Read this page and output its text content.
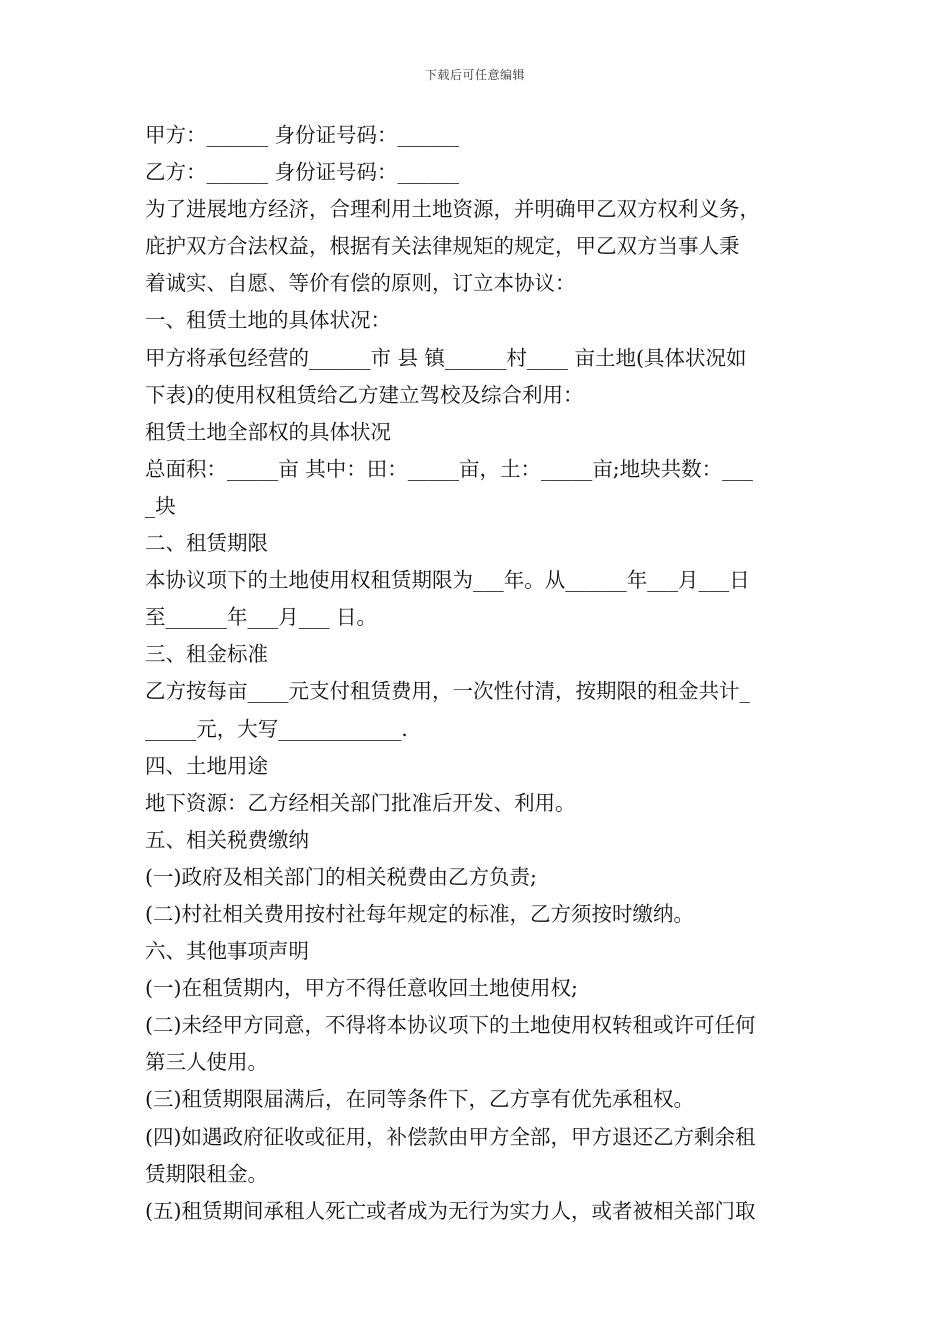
下载后可任意编辑
甲方：______ 身份证号码：______
乙方：______ 身份证号码：______
为了进展地方经济，合理利用土地资源，并明确甲乙双方权利义务，
庇护双方合法权益，根据有关法律规矩的规定，甲乙双方当事人秉
着诚实、自愿、等价有偿的原则，订立本协议：
一、租赁土地的具体状况：
甲方将承包经营的______市 县 镇______村____ 亩土地(具体状况如
下表)的使用权租赁给乙方建立驾校及综合利用：
租赁土地全部权的具体状况
总面积：_____亩 其中：田：_____亩，土：_____亩;地块共数：___
_块
二、租赁期限
本协议项下的土地使用权租赁期限为___年。从______年___月___日
至______年___月___ 日。
三、租金标准
乙方按每亩____元支付租赁费用，一次性付清，按期限的租金共计_
_____元，大写____________.
四、土地用途
地下资源：乙方经相关部门批准后开发、利用。
五、相关税费缴纳
(一)政府及相关部门的相关税费由乙方负责;
(二)村社相关费用按村社每年规定的标准，乙方须按时缴纳。
六、其他事项声明
(一)在租赁期内，甲方不得任意收回土地使用权;
(二)未经甲方同意，不得将本协议项下的土地使用权转租或许可任何
第三人使用。
(三)租赁期限届满后，在同等条件下，乙方享有优先承租权。
(四)如遇政府征收或征用，补偿款由甲方全部，甲方退还乙方剩余租
赁期限租金。
(五)租赁期间承租人死亡或者成为无行为实力人，或者被相关部门取
